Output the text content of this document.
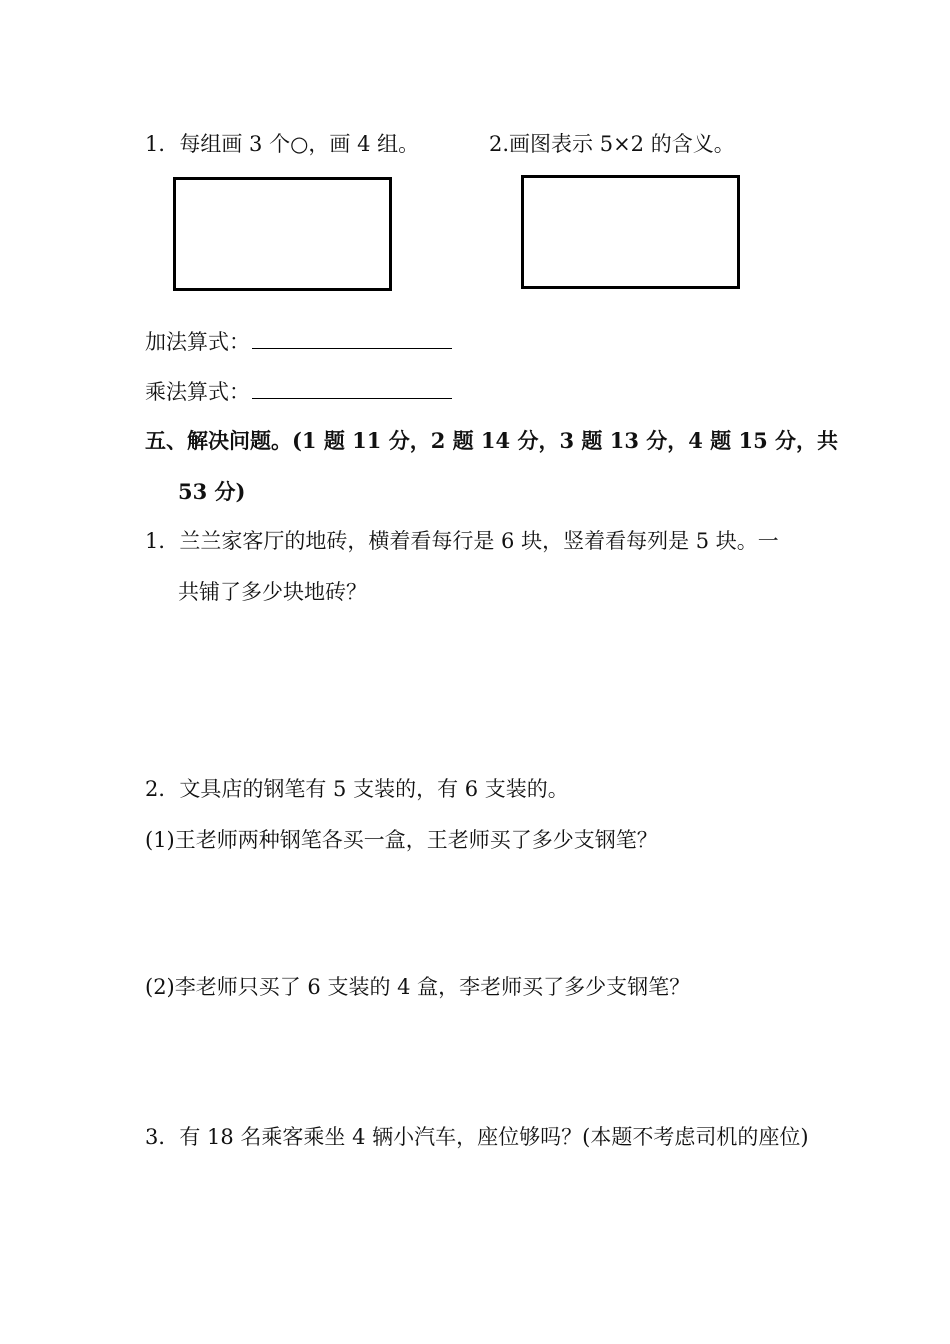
1．每组画 3 个○，画 4 组。	2.画图表示 5×2 的含义。
加法算式：
乘法算式：
五、解决问题。(1 题 11 分，2 题 14 分，3 题 13 分，4 题 15 分，共
53 分)
1．兰兰家客厅的地砖，横着看每行是 6 块，竖着看每列是 5 块。一
共铺了多少块地砖？
2．文具店的钢笔有 5 支装的，有 6 支装的。
(1)王老师两种钢笔各买一盒，王老师买了多少支钢笔？
(2)李老师只买了 6 支装的 4 盒，李老师买了多少支钢笔？
3．有 18 名乘客乘坐 4 辆小汽车，座位够吗？(本题不考虑司机的座位)
